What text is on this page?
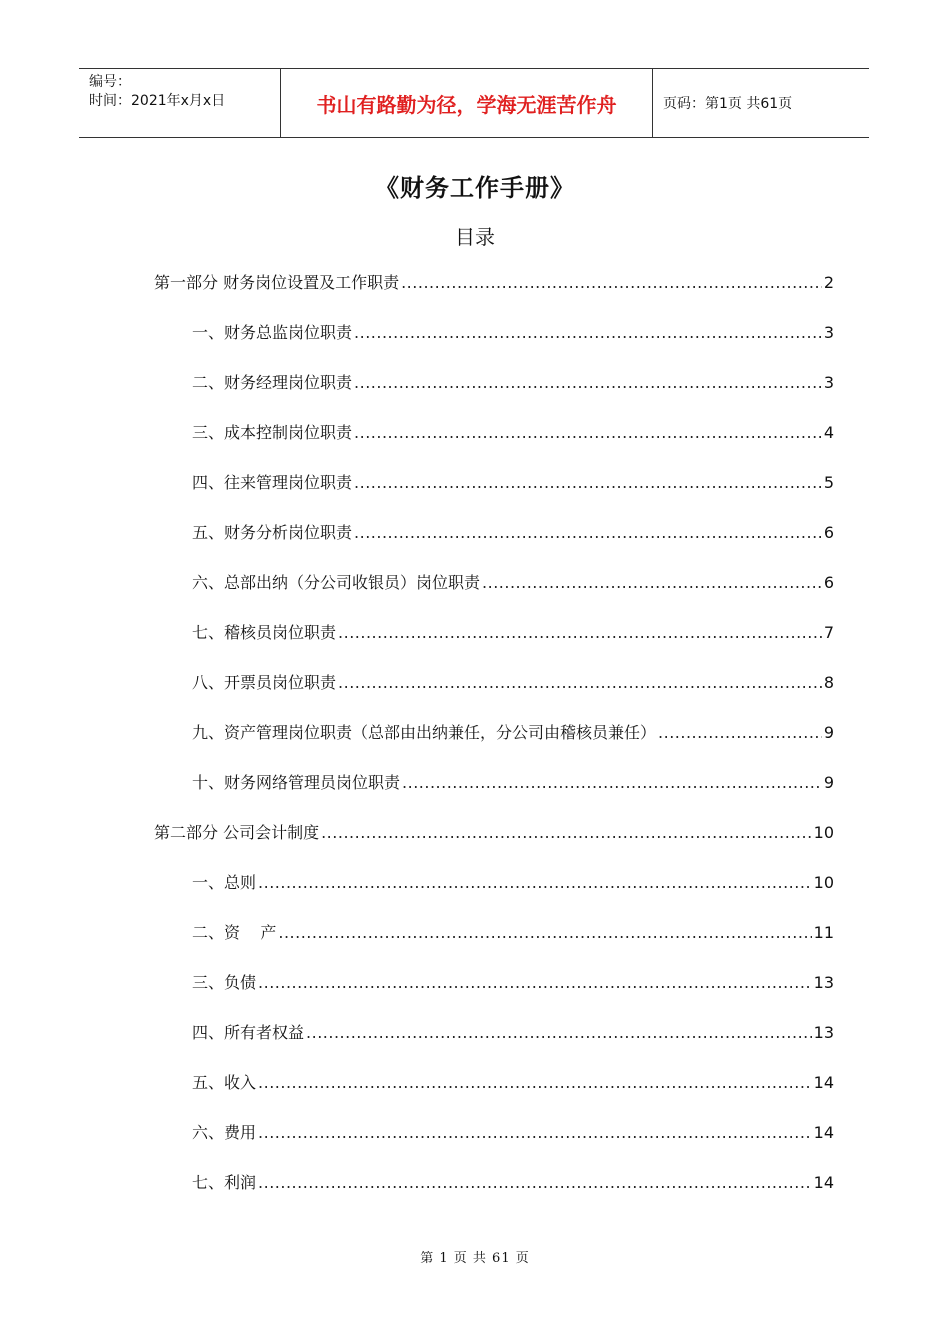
编号：
时间：2021年x月x日	书山有路勤为径，学海无涯苦作舟	页码：第1页 共61页
《财务工作手册》
目录
第一部分 财务岗位设置及工作职责 .....	2
一、财务总监岗位职责 .....	3
二、财务经理岗位职责 .....	3
三、成本控制岗位职责 .....	4
四、往来管理岗位职责 .....	5
五、财务分析岗位职责 .....	6
六、总部出纳（分公司收银员）岗位职责 .....	6
七、稽核员岗位职责 .....	7
八、开票员岗位职责 .....	8
九、资产管理岗位职责（总部由出纳兼任，分公司由稽核员兼任） .....	9
十、财务网络管理员岗位职责 .....	9
第二部分 公司会计制度 .....	10
一、总则 .....	10
二、资    产 .....	11
三、负债 .....	13
四、所有者权益 .....	13
五、收入 .....	14
六、费用 .....	14
七、利润 .....	14
第 1 页 共 61 页
